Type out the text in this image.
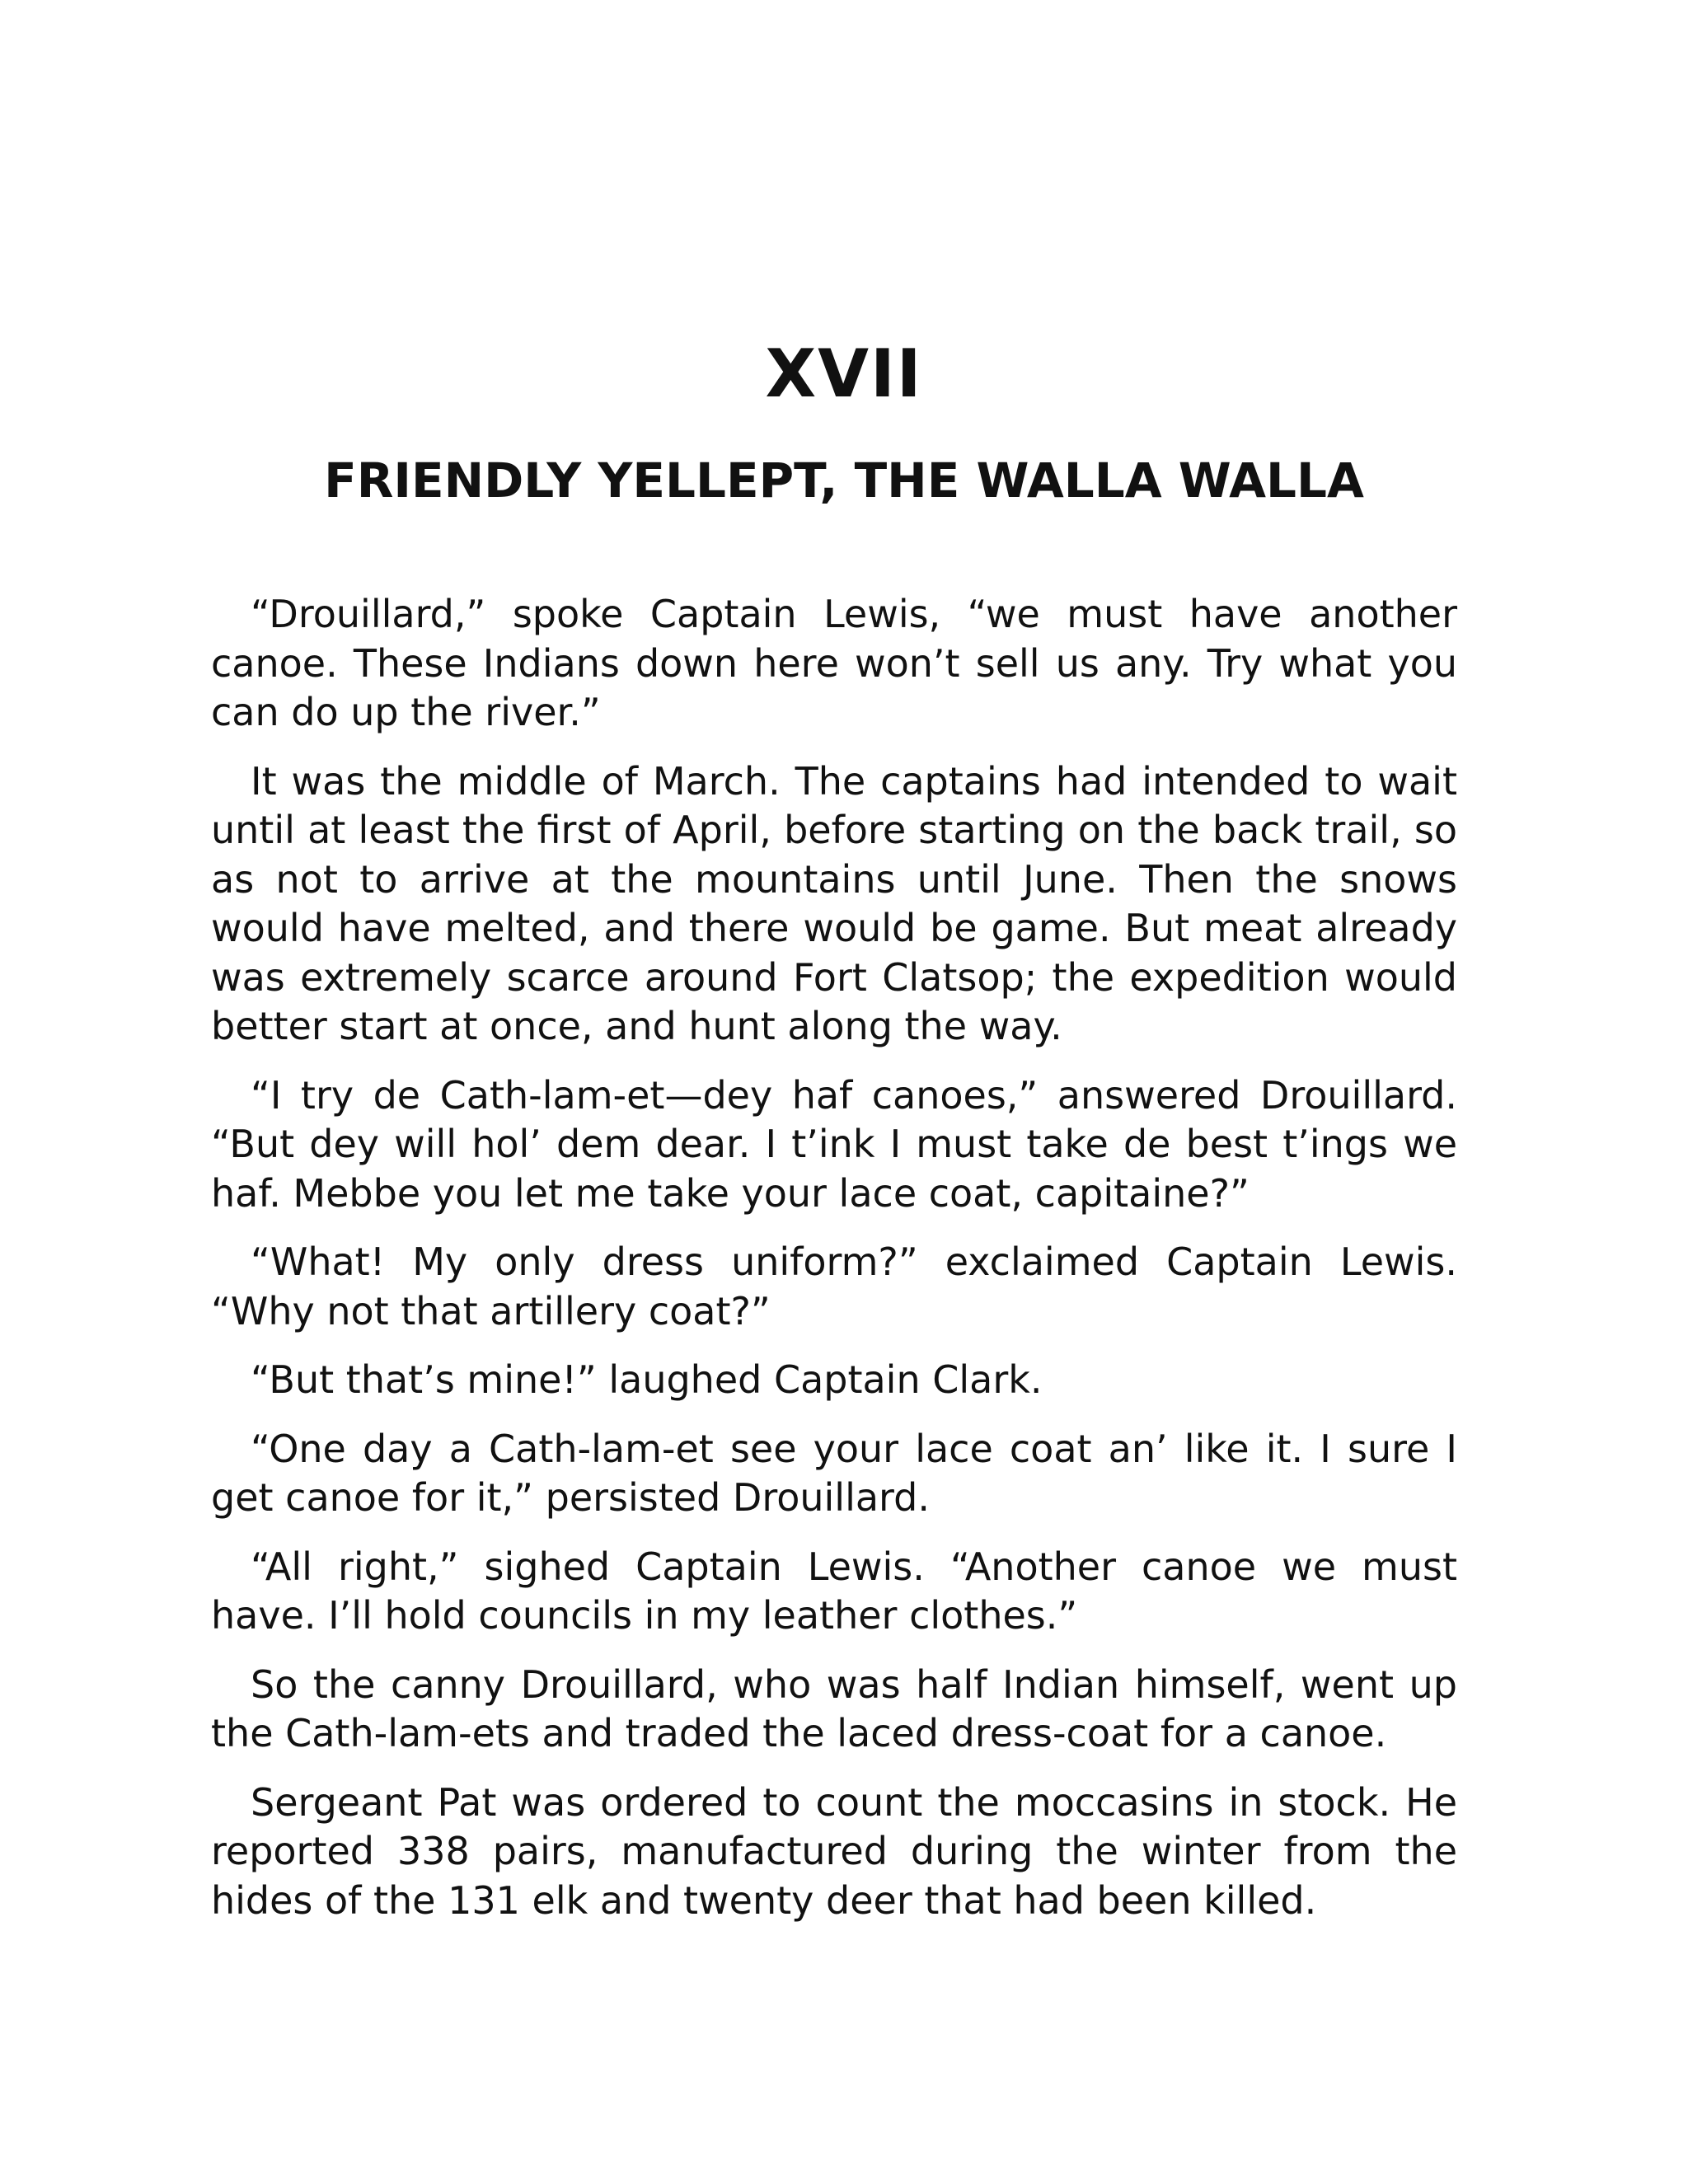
XVII
FRIENDLY YELLEPT, THE WALLA WALLA

“Drouillard,” spoke Captain Lewis, “we must have another canoe. These Indians down here won’t sell us any. Try what you can do up the river.”

It was the middle of March. The captains had intended to wait until at least the first of April, before starting on the back trail, so as not to arrive at the mountains until June. Then the snows would have melted, and there would be game. But meat already was extremely scarce around Fort Clatsop; the expedition would better start at once, and hunt along the way.

“I try de Cath-lam-et—dey haf canoes,” answered Drouillard. “But dey will hol’ dem dear. I t’ink I must take de best t’ings we haf. Mebbe you let me take your lace coat, capitaine?”

“What! My only dress uniform?” exclaimed Captain Lewis. “Why not that artillery coat?”

“But that’s mine!” laughed Captain Clark.

“One day a Cath-lam-et see your lace coat an’ like it. I sure I get canoe for it,” persisted Drouillard.

“All right,” sighed Captain Lewis. “Another canoe we must have. I’ll hold councils in my leather clothes.”

So the canny Drouillard, who was half Indian himself, went up the Cath-lam-ets and traded the laced dress-coat for a canoe.

Sergeant Pat was ordered to count the moccasins in stock. He reported 338 pairs, manufactured during the winter from the hides of the 131 elk and twenty deer that had been killed.
